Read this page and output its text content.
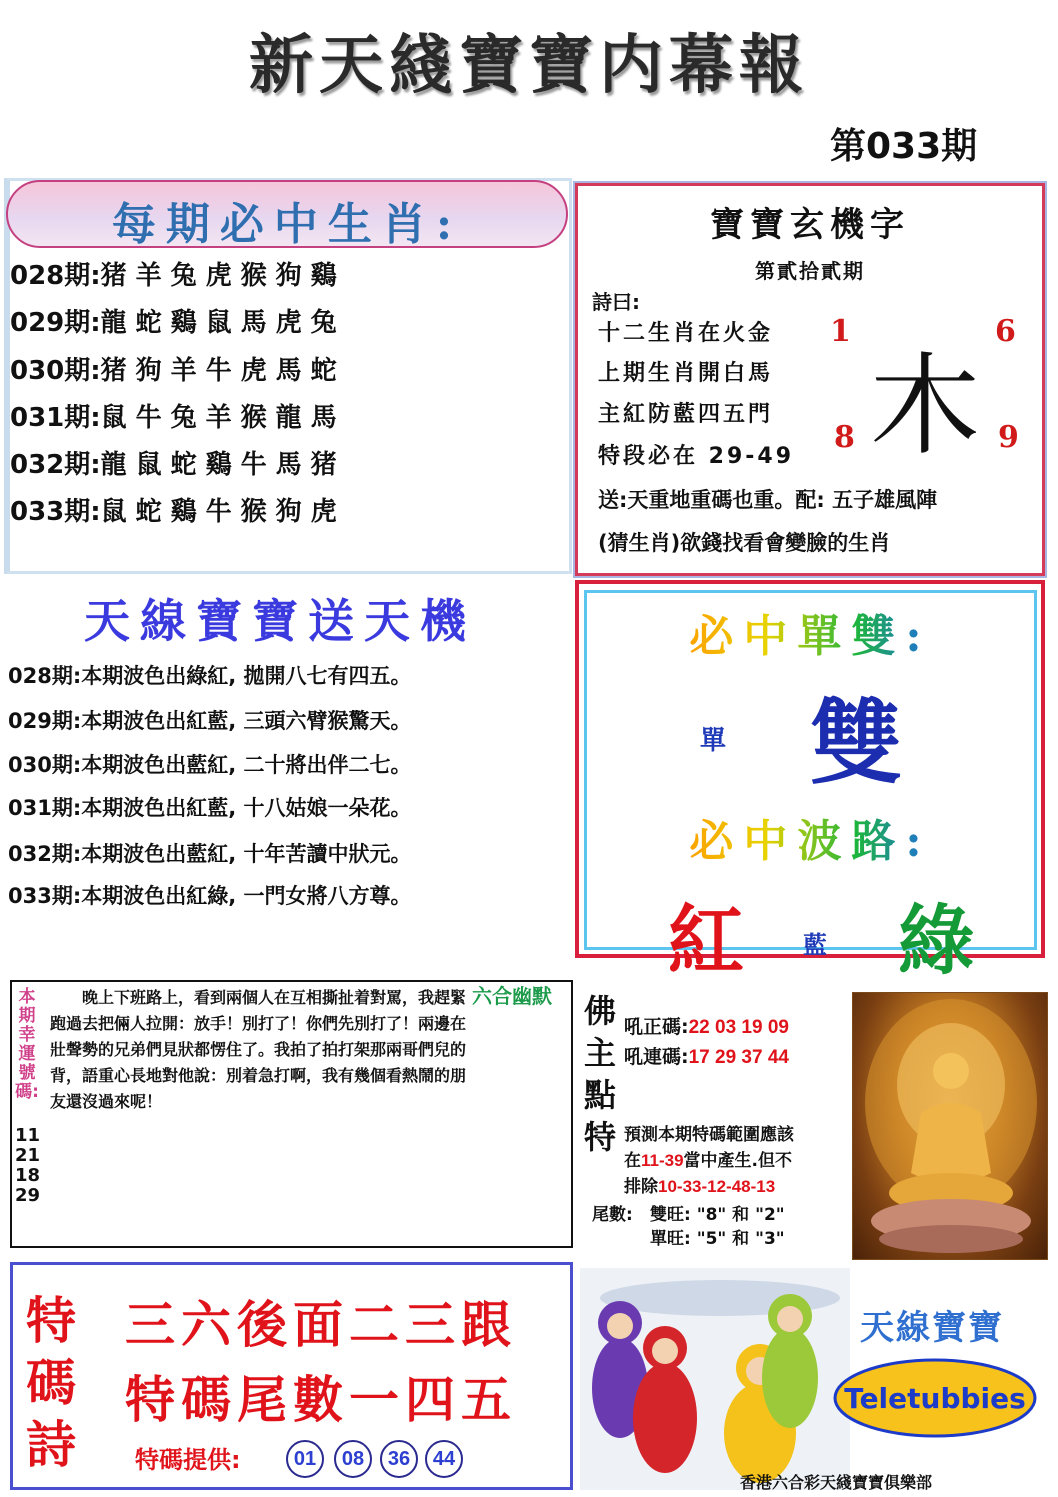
新天綫寶寶内幕報
第033期
每期必中生肖:
028期:猪羊兔虎猴狗鷄
029期:龍蛇鷄鼠馬虎兔
030期:猪狗羊牛虎馬蛇
031期:鼠牛兔羊猴龍馬
032期:龍鼠蛇鷄牛馬猪
033期:鼠蛇鷄牛猴狗虎
寶寶玄機字
第貳拾貳期
詩曰:
十二生肖在火金
上期生肖開白馬
主紅防藍四五門
特段必在 29-49
1	6
8	9
木
送:天重地重碼也重。配: 五子雄風陣
(猜生肖)欲錢找看會變臉的生肖
天線寶寶送天機
028期:本期波色出綠紅, 拋開八七有四五。
029期:本期波色出紅藍, 三頭六臂猴驚天。
030期:本期波色出藍紅, 二十將出伴二七。
031期:本期波色出紅藍, 十八姑娘一朵花。
032期:本期波色出藍紅, 十年苦讀中狀元。
033期:本期波色出紅綠, 一門女將八方尊。
必中單雙:
單 雙
必中波路:
紅 藍 綠
本期幸運號碼:
11 21 18 29
晚上下班路上，看到兩個人在互相撕扯着對罵，我趕緊跑過去把倆人拉開：放手！別打了！你們先別打了！兩邊在壯聲勢的兄弟們見狀都愣住了。我拍了拍打架那兩哥們兒的背，語重心長地對他說：別着急打啊，我有幾個看熱鬧的朋友還沒過來呢！
六合幽默 佛主點特
吼正碼:22 03 19 09
吼連碼:17 29 37 44
預測本期特碼範圍應該
在11-39當中產生.但不
排除10-33-12-48-13
尾數: 雙旺: "8" 和 "2"
單旺: "5" 和 "3"
特碼詩
三六後面二三跟
特碼尾數一四五
特碼提供:	01	08	36	44
Teletubbies
天線寶寶
香港六合彩天綫寶寶俱樂部
